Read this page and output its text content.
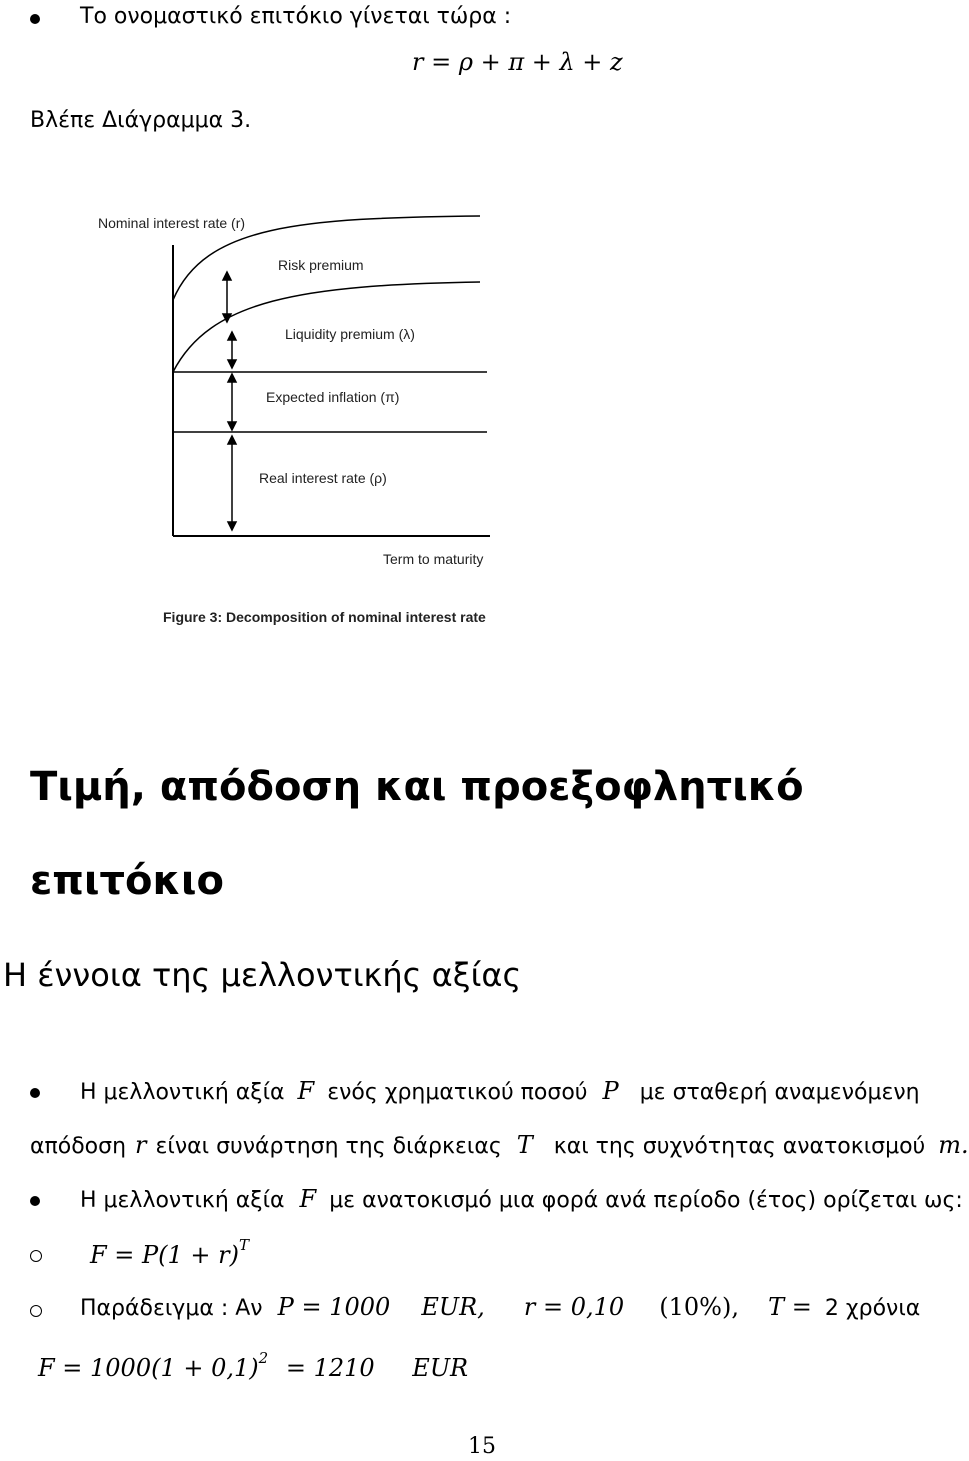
Το ονομαστικό επιτόκιο γίνεται τώρα :
r = ρ + π + λ + z
Βλέπε Διάγραμμα 3.
Nominal interest rate (r)
Risk premium
Liquidity premium (λ)
Expected inflation (π)
Real interest rate (ρ)
Term to maturity
Figure 3: Decomposition of nominal interest rate
Τιμή, απόδοση και προεξοφλητικό
επιτόκιο
Η έννοια της μελλοντικής αξίας
Η μελλοντική αξία F ενός χρηματικού ποσού P με σταθερή αναμενόμενη
απόδοση r είναι συνάρτηση της διάρκειας T και της συχνότητας ανατοκισμού m.
Η μελλοντική αξία F με ανατοκισμό μια φορά ανά περίοδο (έτος) ορίζεται ως:
$F = P(1 + r)^T$
Παράδειγμα : Αν P = 1000 EUR, r = 0,10 (10%), T = 2 χρόνια
$F = 1000(1 + 0,1)^2 = 1210$ EUR
15
